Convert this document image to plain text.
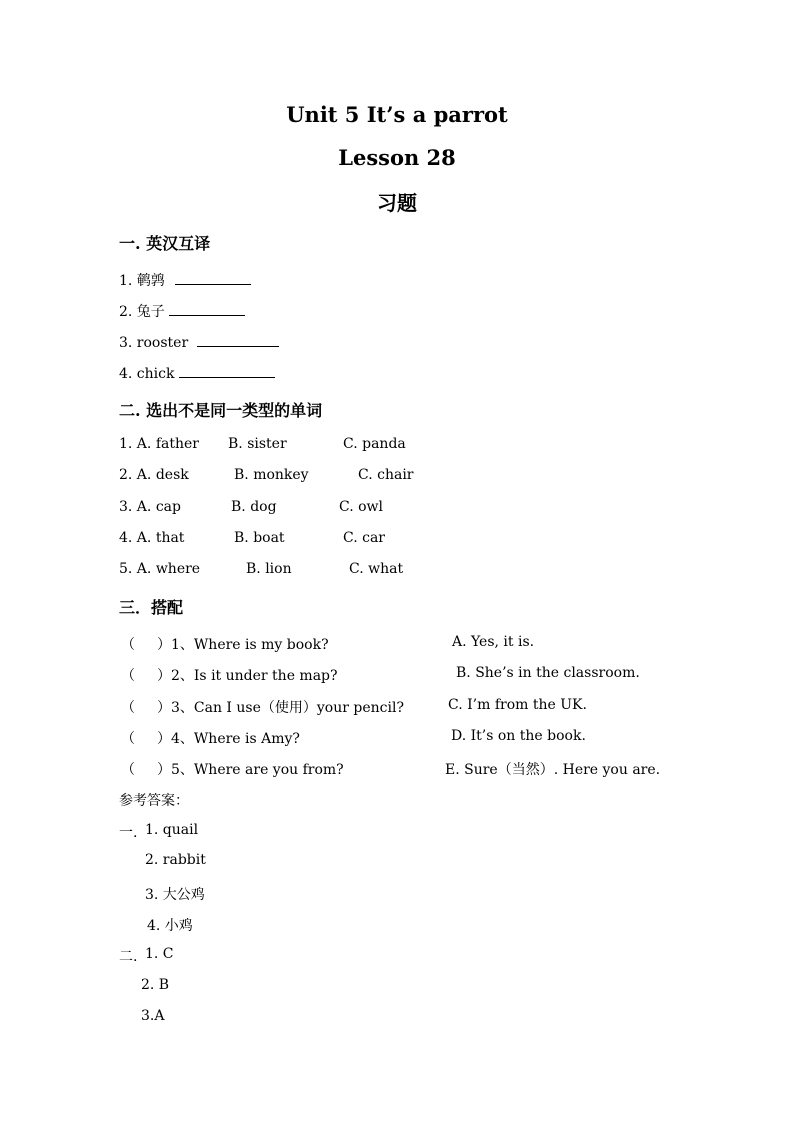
Unit 5 It’s a parrot
Lesson 28
习题
一. 英汉互译
1. 鹌鹑
2. 兔子
3. rooster
4. chick
二. 选出不是同一类型的单词
1. A. father B. sister	C. panda
2. A. desk	B. monkey	C. chair
3. A. cap	B. dog	C. owl
4. A. that	B. boat	C. car
5. A. where	B. lion	C. what
三．搭配
（ ）1、Where is my book?	A. Yes, it is.
（ ）2、Is it under the map?	B. She’s in the classroom.
（ ）3、Can I use（使用）your pencil?	C. I’m from the UK.
（ ）4、Where is Amy?	D. It’s on the book.
（ ）5、Where are you from?	E. Sure（当然）. Here you are.
参考答案：
一. 1. quail
2. rabbit
3. 大公鸡
4. 小鸡
二. 1. C
2. B
3.A
